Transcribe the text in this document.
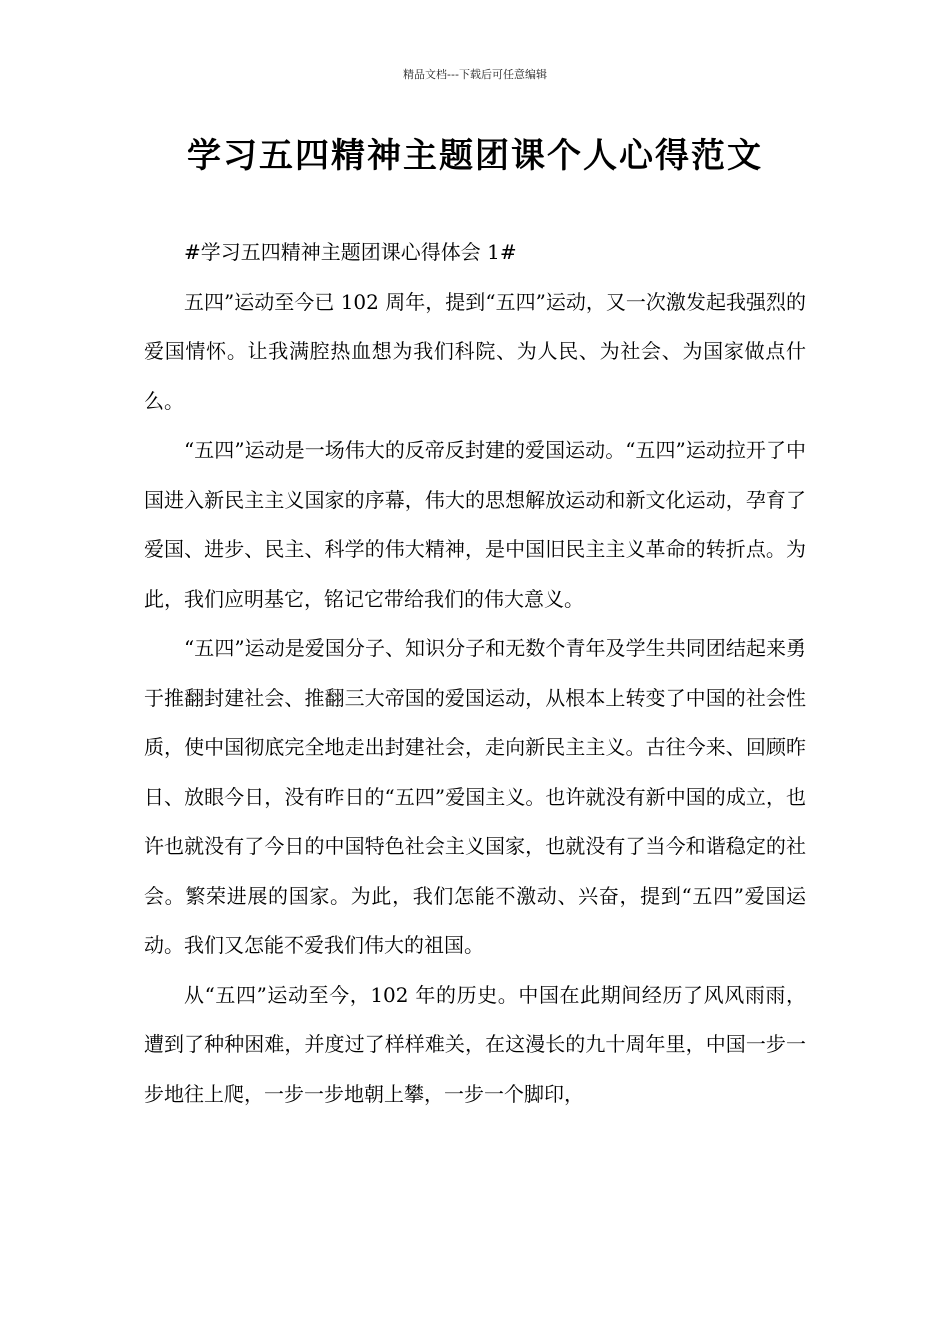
精品文档---下载后可任意编辑
学习五四精神主题团课个人心得范文

#学习五四精神主题团课心得体会 1#

五四”运动至今已 102 周年，提到“五四”运动，又一次激发起我强烈的爱国情怀。让我满腔热血想为我们科院、为人民、为社会、为国家做点什么。

“五四”运动是一场伟大的反帝反封建的爱国运动。“五四”运动拉开了中国进入新民主主义国家的序幕，伟大的思想解放运动和新文化运动，孕育了爱国、进步、民主、科学的伟大精神，是中国旧民主主义革命的转折点。为此，我们应明基它，铭记它带给我们的伟大意义。

“五四”运动是爱国分子、知识分子和无数个青年及学生共同团结起来勇于推翻封建社会、推翻三大帝国的爱国运动，从根本上转变了中国的社会性质，使中国彻底完全地走出封建社会，走向新民主主义。古往今来、回顾昨日、放眼今日，没有昨日的“五四”爱国主义。也许就没有新中国的成立，也许也就没有了今日的中国特色社会主义国家，也就没有了当今和谐稳定的社会。繁荣进展的国家。为此，我们怎能不激动、兴奋，提到“五四”爱国运动。我们又怎能不爱我们伟大的祖国。

从“五四”运动至今，102 年的历史。中国在此期间经历了风风雨雨，遭到了种种困难，并度过了样样难关，在这漫长的九十周年里，中国一步一步地往上爬，一步一步地朝上攀，一步一个脚印，
